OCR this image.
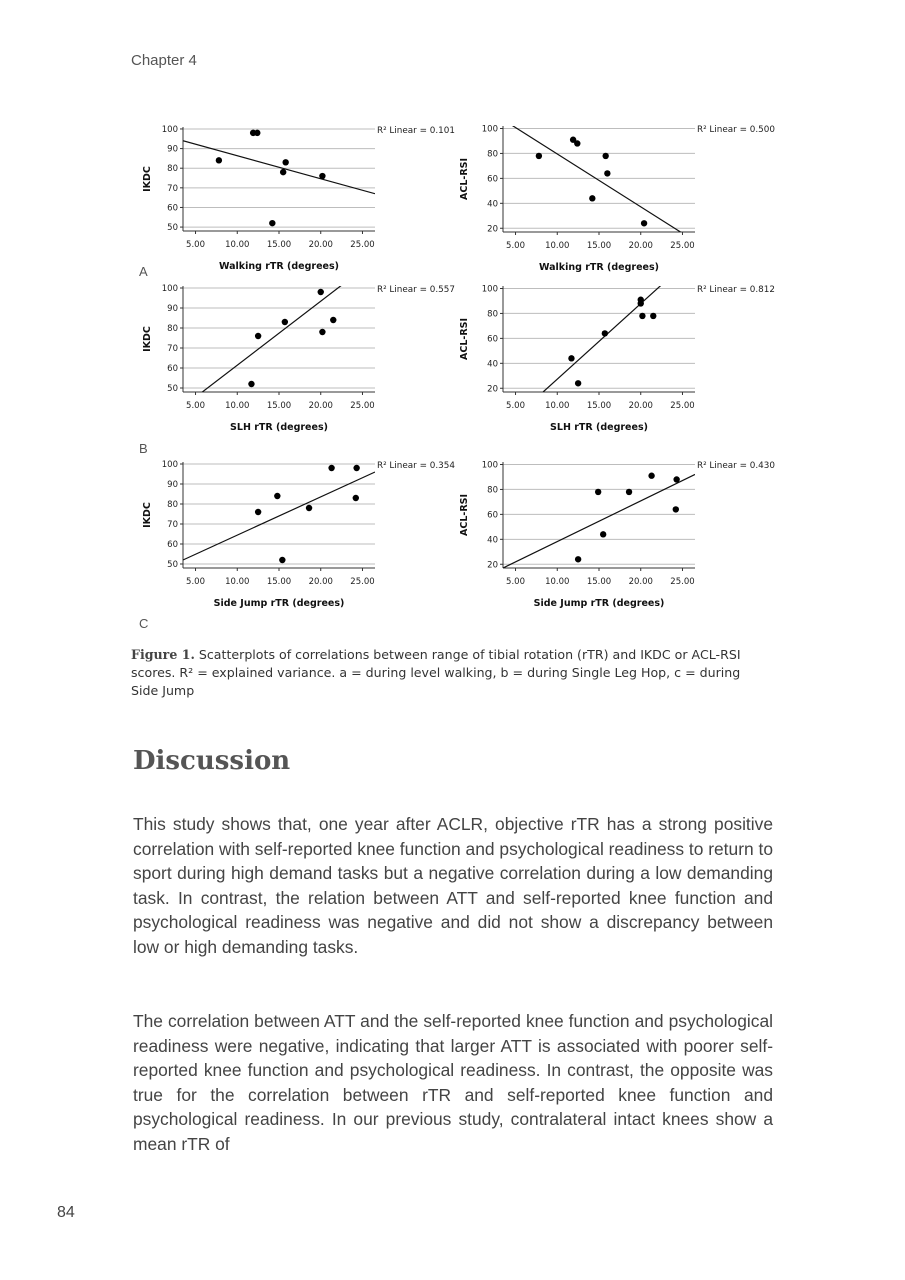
Chapter 4
50
60
70
80
90
100
5.00 10.00 15.00 20.00 25.00
R² Linear = 0.101
Walking rTR (degrees)
IKDC
20
40
60
80
100
5.00 10.00 15.00 20.00 25.00
R² Linear = 0.500
Walking rTR (degrees)
ACL-RSI
A
50
60
70
80
90
100
5.00 10.00 15.00 20.00 25.00
R² Linear = 0.557
SLH rTR (degrees)
IKDC
20
40
60
80
100
5.00 10.00 15.00 20.00 25.00
R² Linear = 0.812
SLH rTR (degrees)
ACL-RSI
B
50
60
70
80
90
100
5.00 10.00 15.00 20.00 25.00
R² Linear = 0.354
Side Jump rTR (degrees)
IKDC
20
40
60
80
100
5.00 10.00 15.00 20.00 25.00
R² Linear = 0.430
Side Jump rTR (degrees)
ACL-RSI
C
Figure 1. Scatterplots of correlations between range of tibial rotation (rTR) and IKDC or ACL-RSI scores. R² = explained variance. a = during level walking, b = during Single Leg Hop, c = during Side Jump
Discussion

This study shows that, one year after ACLR, objective rTR has a strong positive correlation with self-reported knee function and psychological readiness to return to sport during high demand tasks but a negative correlation during a low demanding task. In contrast, the relation between ATT and self-reported knee function and psychological readiness was negative and did not show a discrepancy between low or high demanding tasks.

The correlation between ATT and the self-reported knee function and psychological readiness were negative, indicating that larger ATT is associated with poorer self-reported knee function and psychological readiness. In contrast, the opposite was true for the correlation between rTR and self-reported knee function and psychological readiness. In our previous study, contralateral intact knees show a mean rTR of

84
